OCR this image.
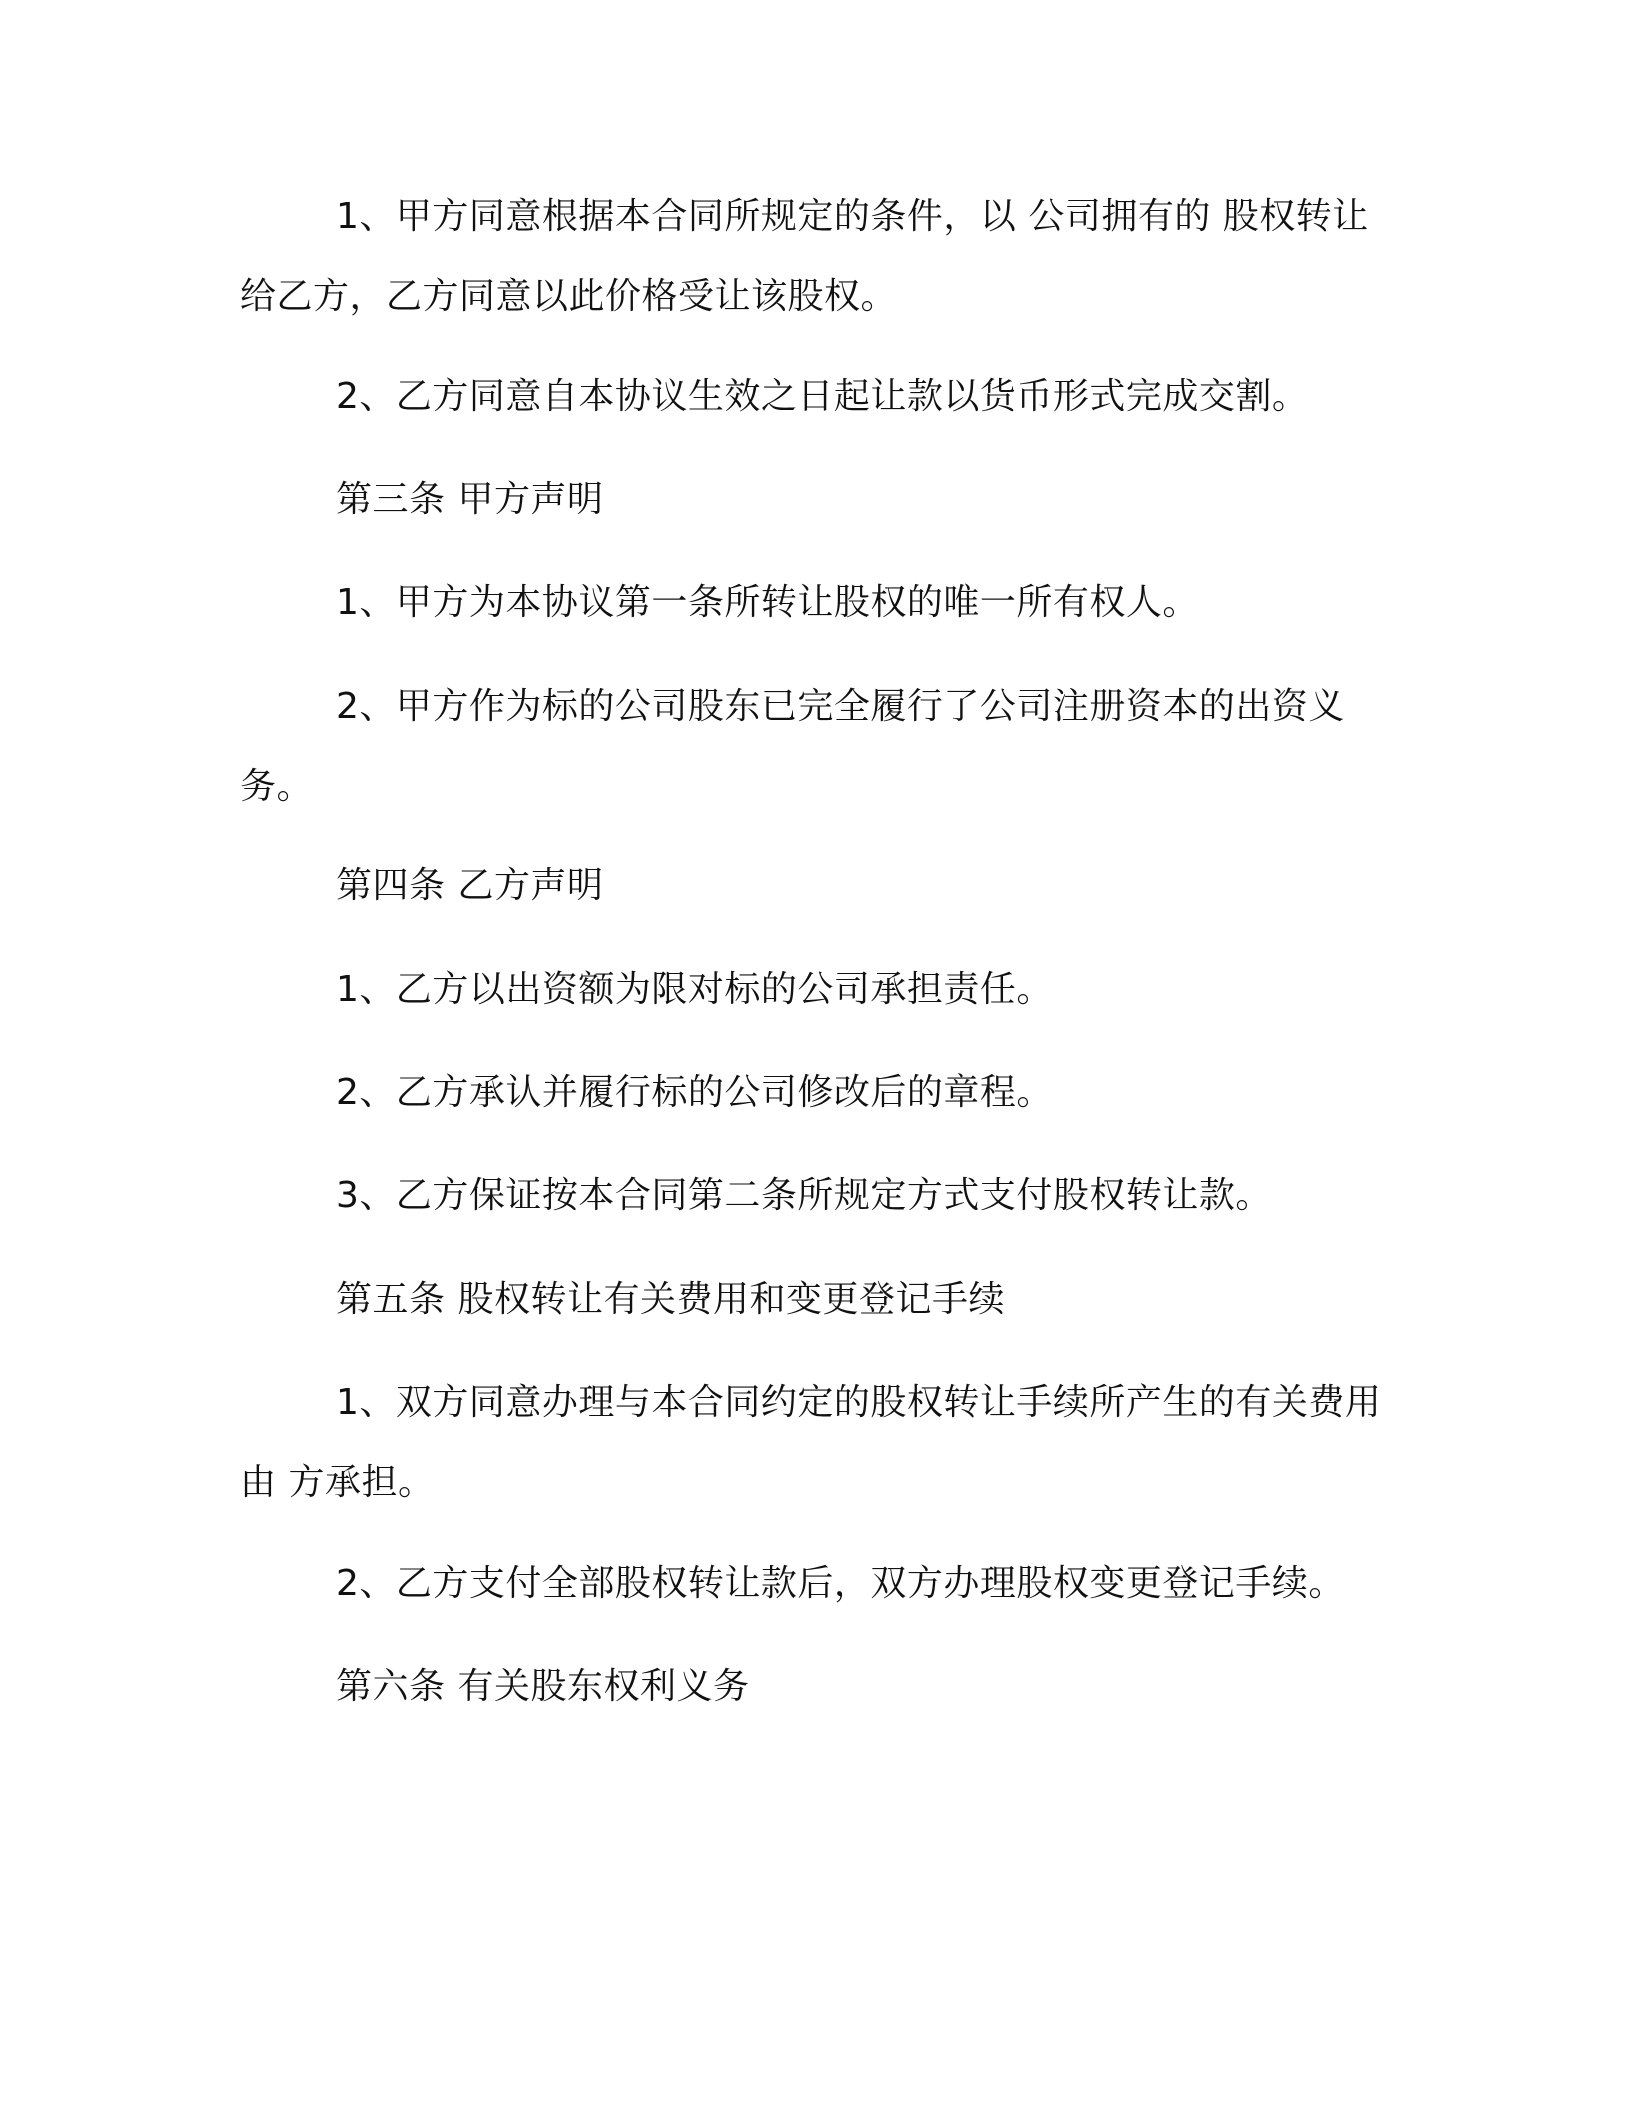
1、甲方同意根据本合同所规定的条件，以 公司拥有的 股权转让给乙方，乙方同意以此价格受让该股权。

2、乙方同意自本协议生效之日起让款以货币形式完成交割。

第三条 甲方声明

1、甲方为本协议第一条所转让股权的唯一所有权人。

2、甲方作为标的公司股东已完全履行了公司注册资本的出资义务。

第四条 乙方声明

1、乙方以出资额为限对标的公司承担责任。

2、乙方承认并履行标的公司修改后的章程。

3、乙方保证按本合同第二条所规定方式支付股权转让款。

第五条 股权转让有关费用和变更登记手续

1、双方同意办理与本合同约定的股权转让手续所产生的有关费用由 方承担。

2、乙方支付全部股权转让款后，双方办理股权变更登记手续。

第六条 有关股东权利义务
